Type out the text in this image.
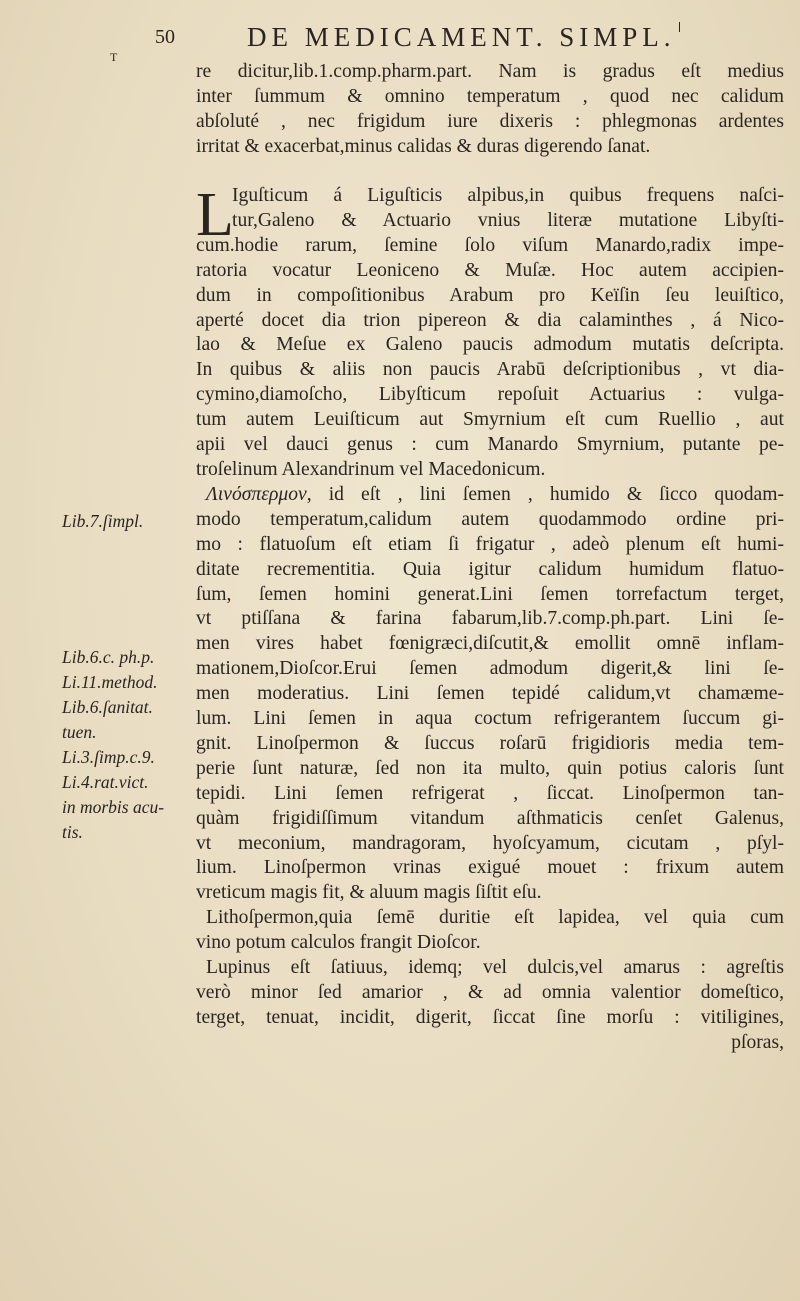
50	DE MEDICAMENT. SIMPL.
T
re dicitur,lib.1.comp.pharm.part. Nam is gradus eſt medius
inter ſummum & omnino temperatum , quod nec calidum
abſoluté , nec frigidum iure dixeris : phlegmonas ardentes
irritat & exacerbat,minus calidas & duras digerendo ſanat.
L
Iguſticum á Liguſticis alpibus,in quibus frequens naſci-
tur,Galeno & Actuario vnius literæ mutatione Libyſti-
cum.hodie rarum, ſemine ſolo viſum Manardo,radix impe-
ratoria vocatur Leoniceno & Muſæ. Hoc autem accipien-
dum in compoſitionibus Arabum pro Keïſin ſeu leuiſtico,
aperté docet dia trion pipereon & dia calaminthes , á Nico-
lao & Meſue ex Galeno paucis admodum mutatis deſcripta.
In quibus & aliis non paucis Arabū deſcriptionibus , vt dia-
cymino,diamoſcho, Libyſticum repoſuit Actuarius : vulga-
tum autem Leuiſticum aut Smyrnium eſt cum Ruellio , aut
apii vel dauci genus : cum Manardo Smyrnium, putante pe-
troſelinum Alexandrinum vel Macedonicum.
Λινόσπερμον, id eſt , lini ſemen , humido & ſicco quodam-
modo temperatum,calidum autem quodammodo ordine pri-
mo : flatuoſum eſt etiam ſi frigatur , adeò plenum eſt humi-
ditate recrementitia. Quia igitur calidum humidum flatuo-
ſum, ſemen homini generat.Lini ſemen torrefactum terget,
vt ptiſſana & farina fabarum,lib.7.comp.ph.part. Lini ſe-
men vires habet fœnigræci,diſcutit,& emollit omnē inflam-
mationem,Dioſcor.Erui ſemen admodum digerit,& lini ſe-
men moderatius. Lini ſemen tepidé calidum,vt chamæme-
lum. Lini ſemen in aqua coctum refrigerantem ſuccum gi-
gnit. Linoſpermon & ſuccus roſarū frigidioris media tem-
perie ſunt naturæ, ſed non ita multo, quin potius caloris ſunt
tepidi. Lini ſemen refrigerat , ſiccat. Linoſpermon tan-
quàm frigidiſſimum vitandum aſthmaticis cenſet Galenus,
vt meconium, mandragoram, hyoſcyamum, cicutam , pſyl-
lium. Linoſpermon vrinas exigué mouet : frixum autem
vreticum magis fit, & aluum magis ſiſtit eſu.
Lithoſpermon,quia ſemē duritie eſt lapidea, vel quia cum
vino potum calculos frangit Dioſcor.
Lupinus eſt ſatiuus, idemq; vel dulcis,vel amarus : agreſtis
verò minor ſed amarior , & ad omnia valentior domeſtico,
terget, tenuat, incidit, digerit, ſiccat ſine morſu : vitiligines,
pſoras,
Lib.7.ſimpl.
Lib.6.c. ph.p.
Li.11.method.
Lib.6.ſanitat.
tuen.
Li.3.ſimp.c.9.
Li.4.rat.vict.
in morbis acu-
tis.
